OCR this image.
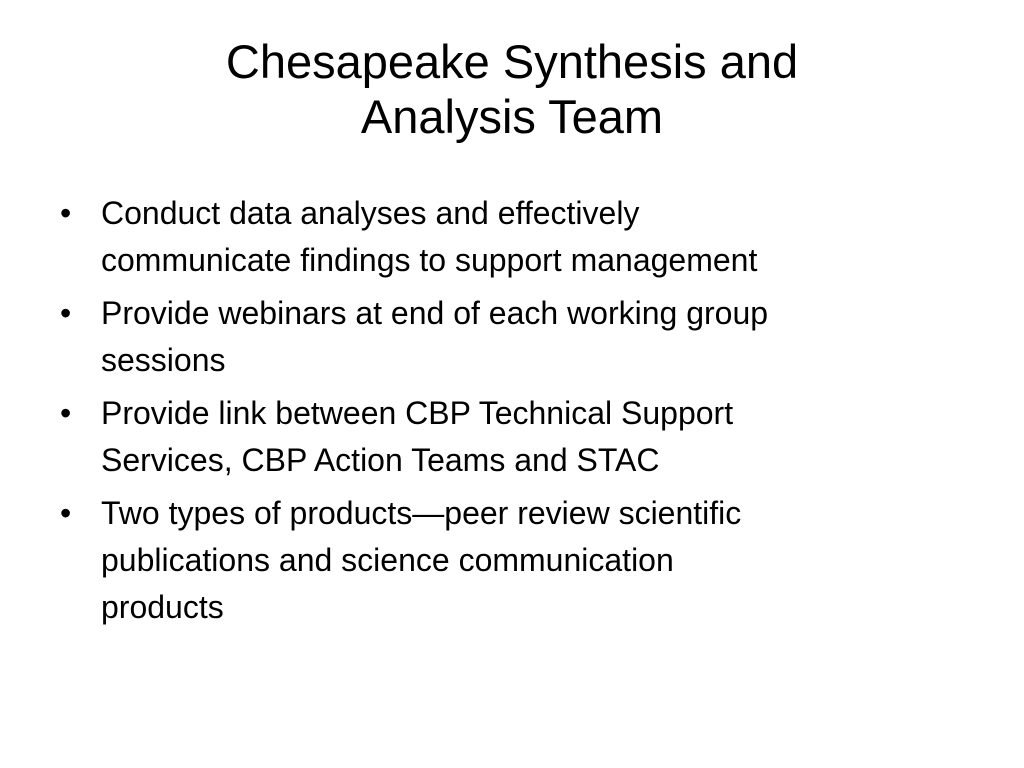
Chesapeake Synthesis and
Analysis Team
• Conduct data analyses and effectively
communicate findings to support management
• Provide webinars at end of each working group
sessions
• Provide link between CBP Technical Support
Services, CBP Action Teams and STAC
• Two types of products—peer review scientific
publications and science communication
products
